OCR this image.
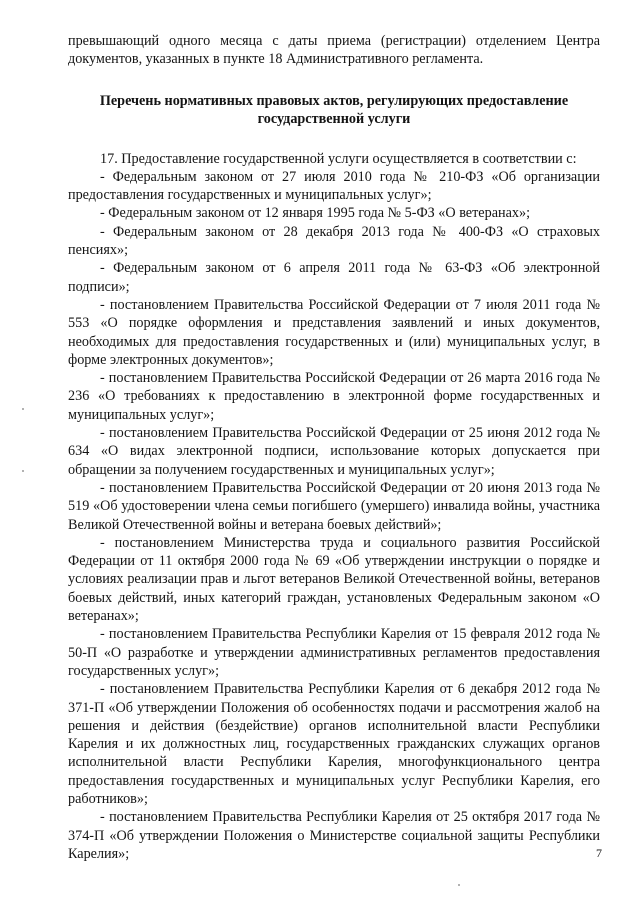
превышающий одного месяца с даты приема (регистрации) отделением Центра документов, указанных в пункте 18 Административного регламента.

Перечень нормативных правовых актов, регулирующих предоставление государственной услуги

17. Предоставление государственной услуги осуществляется в соответствии с:

- Федеральным законом от 27 июля 2010 года № 210-ФЗ «Об организации предоставления государственных и муниципальных услуг»;

- Федеральным законом от 12 января 1995 года № 5-ФЗ «О ветеранах»;

- Федеральным законом от 28 декабря 2013 года № 400-ФЗ «О страховых пенсиях»;

- Федеральным законом от 6 апреля 2011 года № 63-ФЗ «Об электронной подписи»;

- постановлением Правительства Российской Федерации от 7 июля 2011 года № 553 «О порядке оформления и представления заявлений и иных документов, необходимых для предоставления государственных и (или) муниципальных услуг, в форме электронных документов»;

- постановлением Правительства Российской Федерации от 26 марта 2016 года № 236 «О требованиях к предоставлению в электронной форме государственных и муниципальных услуг»;

- постановлением Правительства Российской Федерации от 25 июня 2012 года № 634 «О видах электронной подписи, использование которых допускается при обращении за получением государственных и муниципальных услуг»;

- постановлением Правительства Российской Федерации от 20 июня 2013 года № 519 «Об удостоверении члена семьи погибшего (умершего) инвалида войны, участника Великой Отечественной войны и ветерана боевых действий»;

- постановлением Министерства труда и социального развития Российской Федерации от 11 октября 2000 года № 69 «Об утверждении инструкции о порядке и условиях реализации прав и льгот ветеранов Великой Отечественной войны, ветеранов боевых действий, иных категорий граждан, установленых Федеральным законом «О ветеранах»;

- постановлением Правительства Республики Карелия от 15 февраля 2012 года № 50-П «О разработке и утверждении административных регламентов предоставления государственных услуг»;

- постановлением Правительства Республики Карелия от 6 декабря 2012 года № 371-П «Об утверждении Положения об особенностях подачи и рассмотрения жалоб на решения и действия (бездействие) органов исполнительной власти Республики Карелия и их должностных лиц, государственных гражданских служащих органов исполнительной власти Республики Карелия, многофункционального центра предоставления государственных и муниципальных услуг Республики Карелия, его работников»;

- постановлением Правительства Республики Карелия от 25 октября 2017 года № 374-П «Об утверждении Положения о Министерстве социальной защиты Республики Карелия»;	7
